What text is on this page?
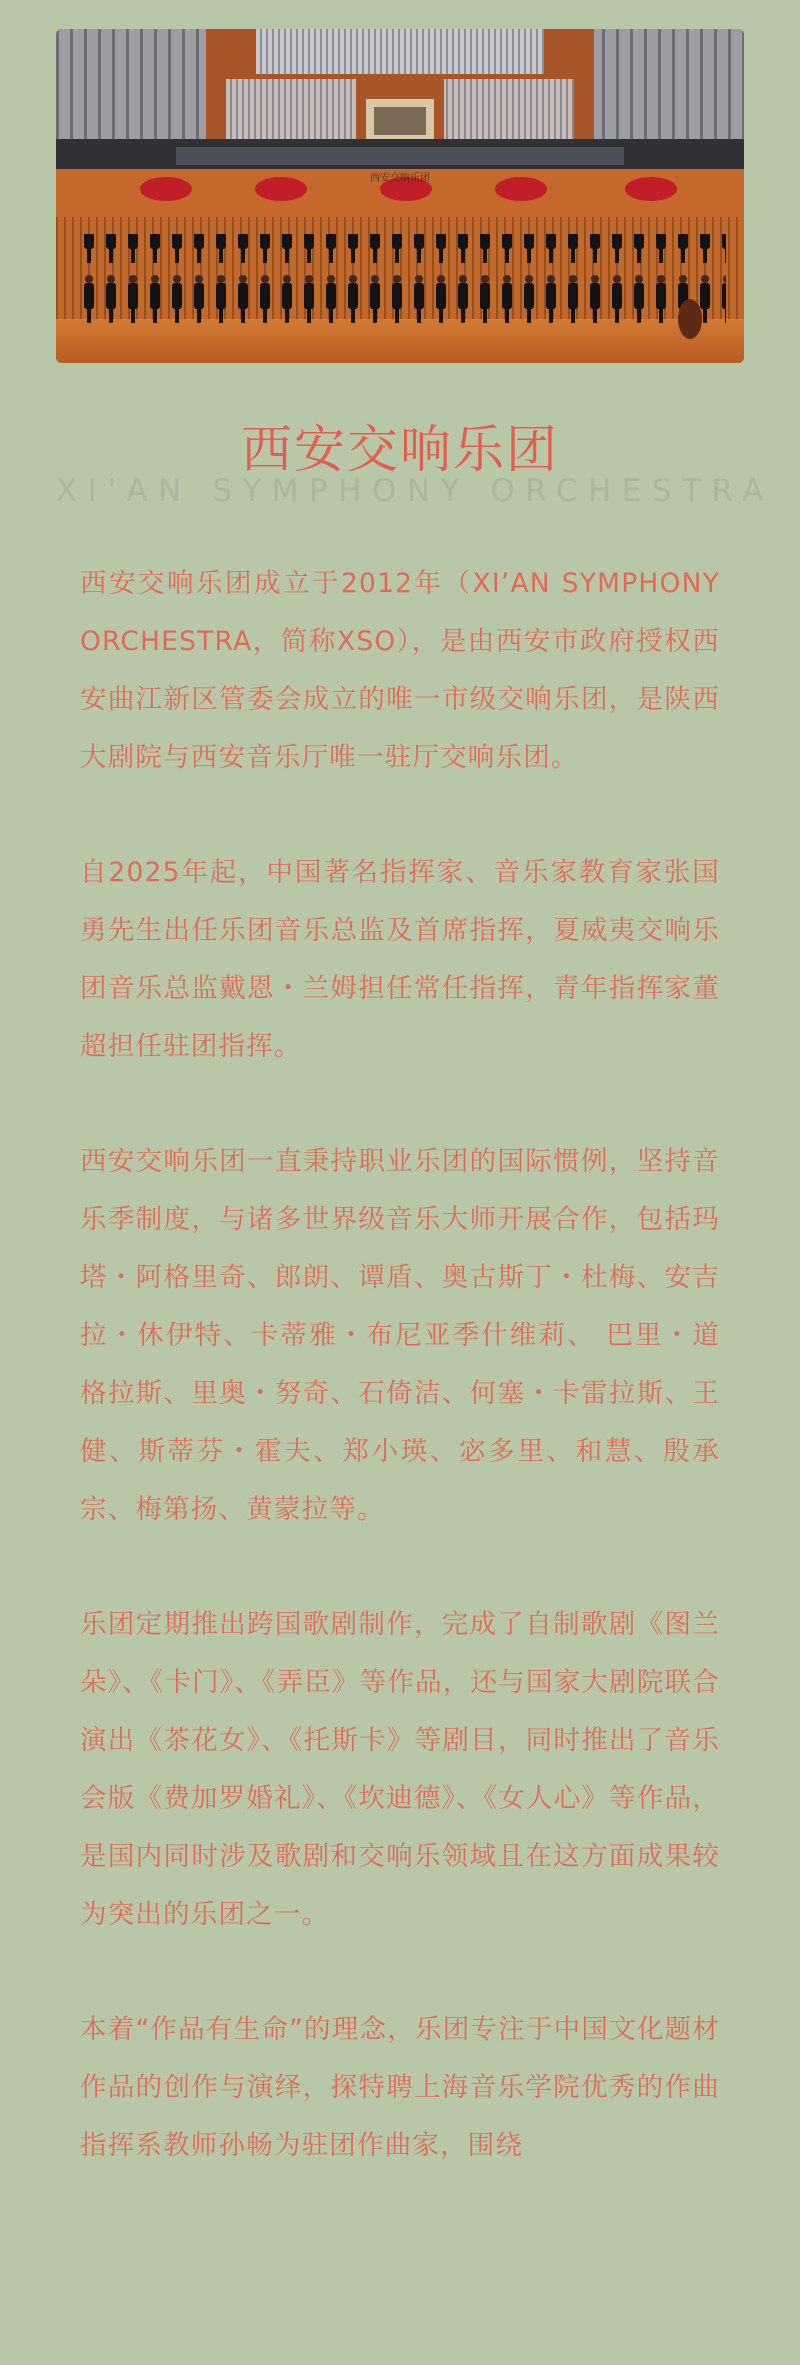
西安交响乐团
西安交响乐团
XI'AN SYMPHONY ORCHESTRA

西安交响乐团成立于2012年（XI’AN SYMPHONY ORCHESTRA，简称XSO），是由西安市政府授权西安曲江新区管委会成立的唯一市级交响乐团，是陕西大剧院与西安音乐厅唯一驻厅交响乐团。

自2025年起，中国著名指挥家、音乐家教育家张国勇先生出任乐团音乐总监及首席指挥，夏威夷交响乐团音乐总监戴恩・兰姆担任常任指挥，青年指挥家董超担任驻团指挥。

西安交响乐团一直秉持职业乐团的国际惯例，坚持音乐季制度，与诸多世界级音乐大师开展合作，包括玛塔・阿格里奇、郎朗、谭盾、奥古斯丁・杜梅、安吉拉・休伊特、卡蒂雅・布尼亚季什维莉、 巴里・道格拉斯、里奥・努奇、石倚洁、何塞・卡雷拉斯、王健、斯蒂芬・霍夫、郑小瑛、宓多里、和慧、殷承宗、梅第扬、黄蒙拉等。

乐团定期推出跨国歌剧制作，完成了自制歌剧《图兰朵》、《卡门》、《弄臣》等作品，还与国家大剧院联合演出《茶花女》、《托斯卡》等剧目，同时推出了音乐会版《费加罗婚礼》、《坎迪德》、《女人心》等作品，是国内同时涉及歌剧和交响乐领域且在这方面成果较为突出的乐团之一。

本着“作品有生命”的理念，乐团专注于中国文化题材作品的创作与演绎，探特聘上海音乐学院优秀的作曲指挥系教师孙畅为驻团作曲家，围绕
